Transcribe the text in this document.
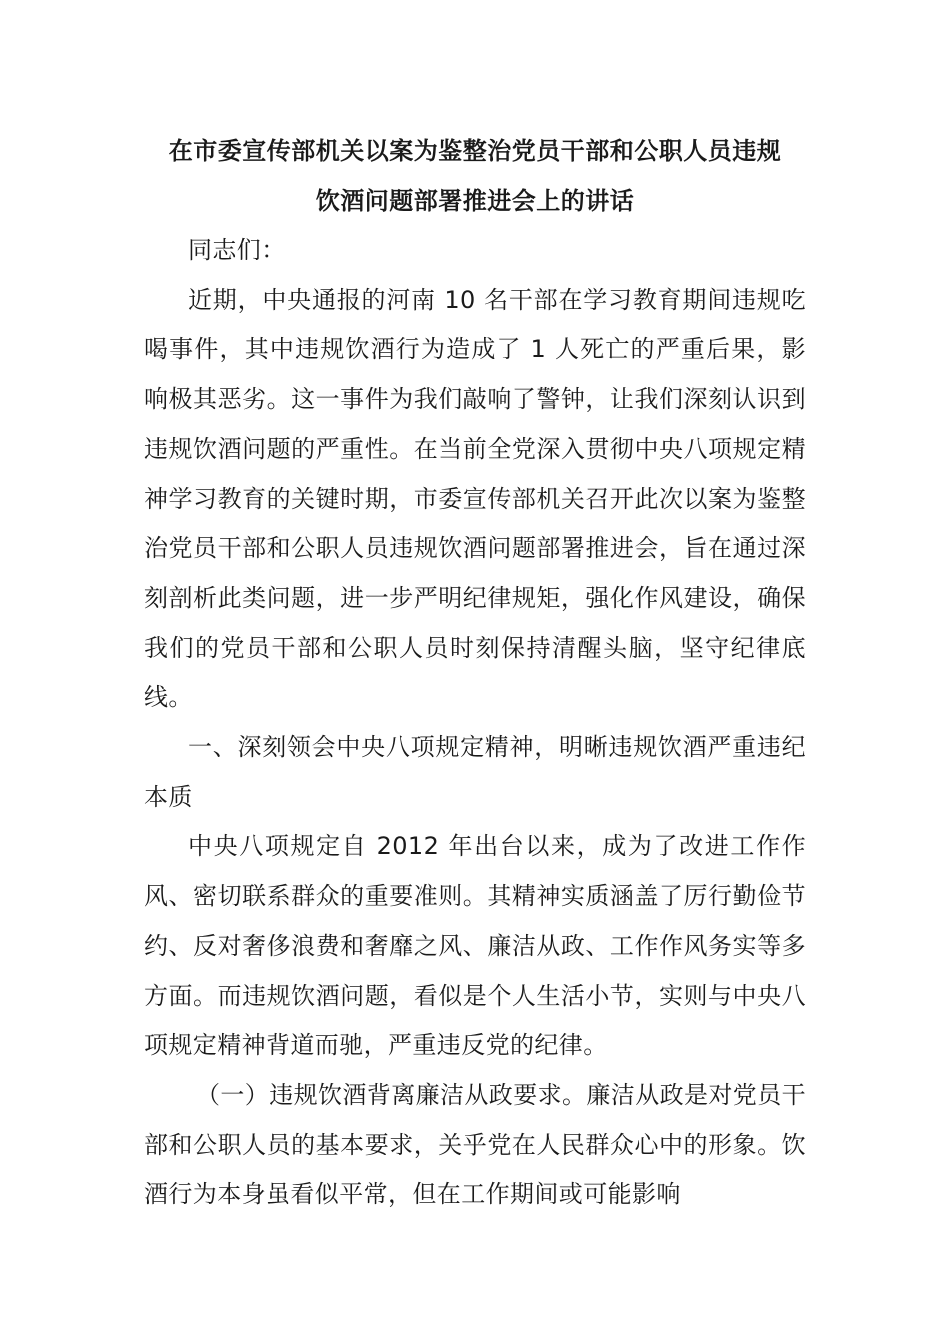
在市委宣传部机关以案为鉴整治党员干部和公职人员违规
饮酒问题部署推进会上的讲话

同志们：

近期，中央通报的河南 10 名干部在学习教育期间违规吃喝事件，其中违规饮酒行为造成了 1 人死亡的严重后果，影响极其恶劣。这一事件为我们敲响了警钟，让我们深刻认识到违规饮酒问题的严重性。在当前全党深入贯彻中央八项规定精神学习教育的关键时期，市委宣传部机关召开此次以案为鉴整治党员干部和公职人员违规饮酒问题部署推进会，旨在通过深刻剖析此类问题，进一步严明纪律规矩，强化作风建设，确保我们的党员干部和公职人员时刻保持清醒头脑，坚守纪律底线。

一、深刻领会中央八项规定精神，明晰违规饮酒严重违纪本质

中央八项规定自 2012 年出台以来，成为了改进工作作风、密切联系群众的重要准则。其精神实质涵盖了厉行勤俭节约、反对奢侈浪费和奢靡之风、廉洁从政、工作作风务实等多方面。而违规饮酒问题，看似是个人生活小节，实则与中央八项规定精神背道而驰，严重违反党的纪律。

（一）违规饮酒背离廉洁从政要求。廉洁从政是对党员干部和公职人员的基本要求，关乎党在人民群众心中的形象。饮酒行为本身虽看似平常，但在工作期间或可能影响
